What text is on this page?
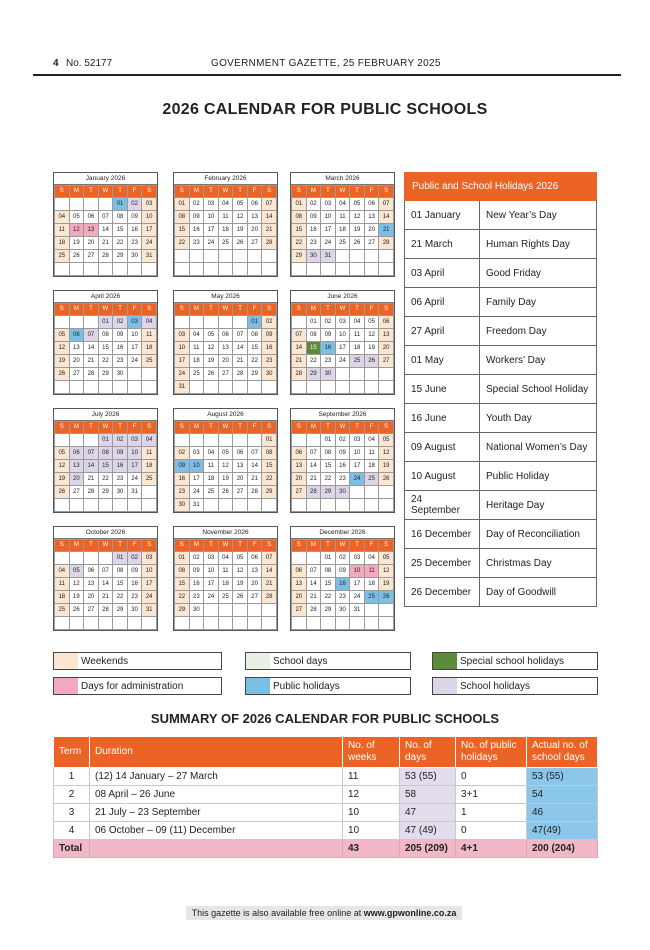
4 No. 52177	GOVERNMENT GAZETTE, 25 FEBRUARY 2025
2026 CALENDAR FOR PUBLIC SCHOOLS
January 2026
S	M	T	W	T	F	S
				01	02	03
04	05	06	07	08	09	10
11	12	13	14	15	16	17
18	19	20	21	22	23	24
25	26	27	28	29	30	31

February 2026
S	M	T	W	T	F	S
01	02	03	04	05	06	07
08	09	10	11	12	13	14
15	16	17	18	19	20	21
22	23	24	25	26	27	28

March 2026
S	M	T	W	T	F	S
01	02	03	04	05	06	07
08	09	10	11	12	13	14
15	16	17	18	19	20	21
22	23	24	25	26	27	28
29	30	31				

April 2026
S	M	T	W	T	F	S
			01	02	03	04
05	06	07	08	09	10	11
12	13	14	15	16	17	18
19	20	21	22	23	24	25
26	27	28	29	30		

May 2026
S	M	T	W	T	F	S
					01	02
03	04	05	06	07	08	09
10	11	12	13	14	15	16
17	18	19	20	21	22	23
24	25	26	27	28	29	30
31						
June 2026
S	M	T	W	T	F	S
	01	02	03	04	05	06
07	08	09	10	11	12	13
14	15	16	17	18	19	20
21	22	23	24	25	26	27
28	29	30				

July 2026
S	M	T	W	T	F	S
			01	02	03	04
05	06	07	08	09	10	11
12	13	14	15	16	17	18
19	20	21	22	23	24	25
26	27	28	29	30	31	

August 2026
S	M	T	W	T	F	S
						01
02	03	04	05	06	07	08
09	10	11	12	13	14	15
16	17	18	19	20	21	22
23	24	25	26	27	28	29
30	31					
September 2026
S	M	T	W	T	F	S
		01	02	03	04	05
06	07	08	09	10	11	12
13	14	15	16	17	18	19
20	21	22	23	24	25	26
27	28	29	30			

October 2026
S	M	T	W	T	F	S
				01	02	03
04	05	06	07	08	09	10
11	12	13	14	15	16	17
18	19	20	21	22	23	24
25	26	27	28	29	30	31

November 2026
S	M	T	W	T	F	S
01	02	03	04	05	06	07
08	09	10	11	12	13	14
15	16	17	18	19	20	21
22	23	24	25	26	27	28
29	30					

December 2026
S	M	T	W	T	F	S
		01	02	03	04	05
06	07	08	09	10	11	12
13	14	15	16	17	18	19
20	21	22	23	24	25	26
27	28	29	30	31		

Public and School Holidays 2026	
01 January	New Year’s Day
21 March	Human Rights Day
03 April	Good Friday
06 April	Family Day
27 April	Freedom Day
01 May	Workers’ Day
15 June	Special School Holiday
16 June	Youth Day
09 August	National Women’s Day
10 August	Public Holiday
24 September	Heritage Day
16 December	Day of Reconciliation
25 December	Christmas Day
26 December	Day of Goodwill
Weekends	School days	Special school holidays
Days for administration	Public holidays	School holidays
SUMMARY OF 2026 CALENDAR FOR PUBLIC SCHOOLS
Term	Duration	No. of weeks	No. of days	No. of public holidays	Actual no. of school days
1	(12) 14 January – 27 March	11	53 (55)	0	53 (55)
2	08 April – 26 June	12	58	3+1	54
3	21 July – 23 September	10	47	1	46
4	06 October – 09 (11) December	10	47 (49)	0	47(49)
Total		43	205 (209)	4+1	200 (204)
This gazette is also available free online at www.gpwonline.co.za
